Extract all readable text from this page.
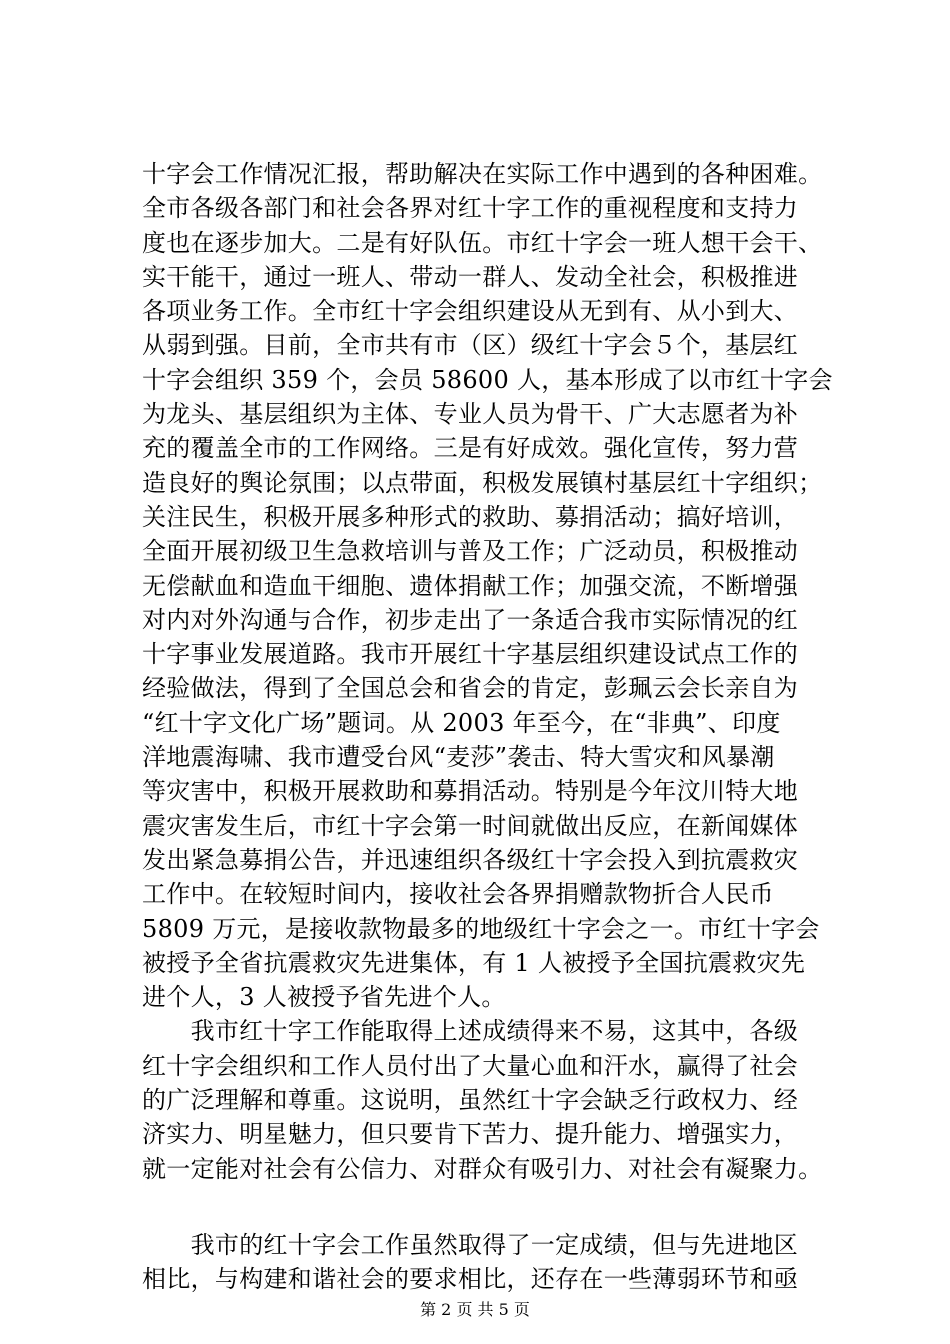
十字会工作情况汇报，帮助解决在实际工作中遇到的各种困难。
全市各级各部门和社会各界对红十字工作的重视程度和支持力
度也在逐步加大。二是有好队伍。市红十字会一班人想干会干、
实干能干，通过一班人、带动一群人、发动全社会，积极推进
各项业务工作。全市红十字会组织建设从无到有、从小到大、
从弱到强。目前，全市共有市（区）级红十字会５个，基层红
十字会组织 359 个，会员 58600 人，基本形成了以市红十字会
为龙头、基层组织为主体、专业人员为骨干、广大志愿者为补
充的覆盖全市的工作网络。三是有好成效。强化宣传，努力营
造良好的舆论氛围；以点带面，积极发展镇村基层红十字组织；
关注民生，积极开展多种形式的救助、募捐活动；搞好培训，
全面开展初级卫生急救培训与普及工作；广泛动员，积极推动
无偿献血和造血干细胞、遗体捐献工作；加强交流，不断增强
对内对外沟通与合作，初步走出了一条适合我市实际情况的红
十字事业发展道路。我市开展红十字基层组织建设试点工作的
经验做法，得到了全国总会和省会的肯定，彭珮云会长亲自为
“红十字文化广场”题词。从 2003 年至今，在“非典”、印度
洋地震海啸、我市遭受台风“麦莎”袭击、特大雪灾和风暴潮
等灾害中，积极开展救助和募捐活动。特别是今年汶川特大地
震灾害发生后，市红十字会第一时间就做出反应，在新闻媒体
发出紧急募捐公告，并迅速组织各级红十字会投入到抗震救灾
工作中。在较短时间内，接收社会各界捐赠款物折合人民币
5809 万元，是接收款物最多的地级红十字会之一。市红十字会
被授予全省抗震救灾先进集体，有 1 人被授予全国抗震救灾先
进个人，3 人被授予省先进个人。
　　我市红十字工作能取得上述成绩得来不易，这其中，各级
红十字会组织和工作人员付出了大量心血和汗水，赢得了社会
的广泛理解和尊重。这说明，虽然红十字会缺乏行政权力、经
济实力、明星魅力，但只要肯下苦力、提升能力、增强实力，
就一定能对社会有公信力、对群众有吸引力、对社会有凝聚力。
　　我市的红十字会工作虽然取得了一定成绩，但与先进地区
相比，与构建和谐社会的要求相比，还存在一些薄弱环节和亟
第 2 页 共 5 页
